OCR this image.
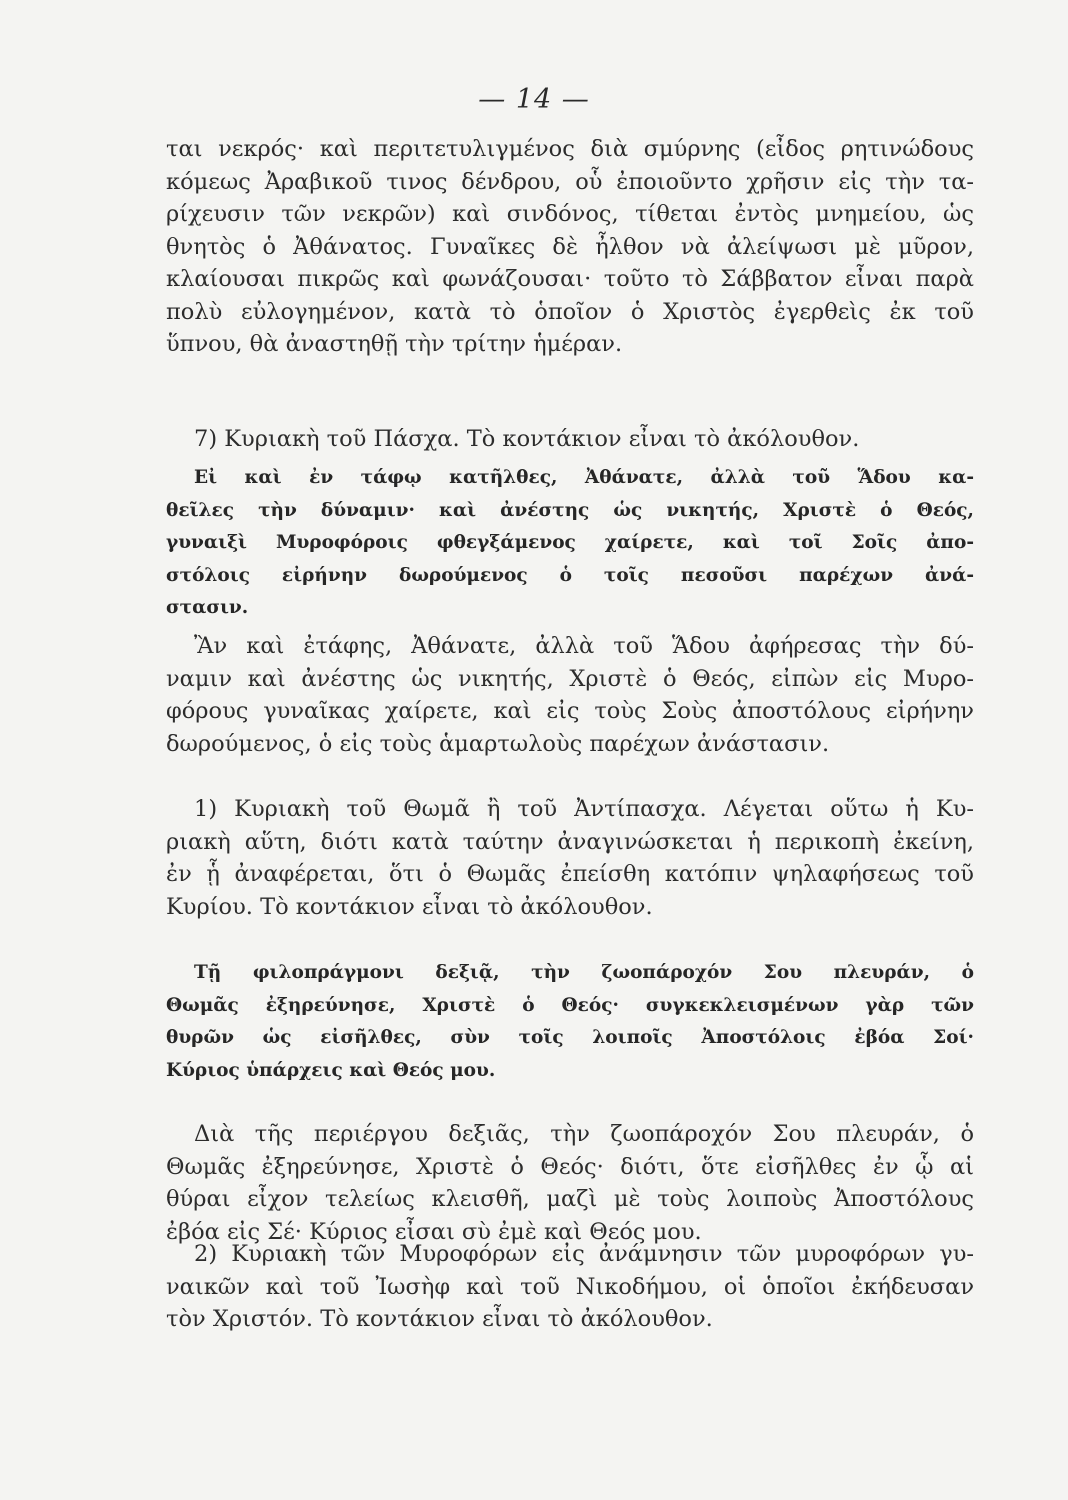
— 14 —
ται νεκρός· καὶ περιτετυλιγμένος διὰ σμύρνης (εἶδος ρητινώδους
κόμεως Ἀραβικοῦ τινος δένδρου, οὗ ἐποιοῦντο χρῆσιν εἰς τὴν τα-
ρίχευσιν τῶν νεκρῶν) καὶ σινδόνος, τίθεται ἐντὸς μνημείου, ὡς
θνητὸς ὁ Ἀθάνατος. Γυναῖκες δὲ ἦλθον νὰ ἀλείψωσι μὲ μῦρον,
κλαίουσαι πικρῶς καὶ φωνάζουσαι· τοῦτο τὸ Σάββατον εἶναι παρὰ
πολὺ εὐλογημένον, κατὰ τὸ ὁποῖον ὁ Χριστὸς ἐγερθεὶς ἐκ τοῦ
ὕπνου, θὰ ἀναστηθῇ τὴν τρίτην ἡμέραν.
7) Κυριακὴ τοῦ Πάσχα. Τὸ κοντάκιον εἶναι τὸ ἀκόλουθον.
Εἰ καὶ ἐν τάφῳ κατῆλθες, Ἀθάνατε, ἀλλὰ τοῦ Ἅδου κα-
θεῖλες τὴν δύναμιν· καὶ ἀνέστης ὡς νικητής, Χριστὲ ὁ Θεός,
γυναιξὶ Μυροφόροις φθεγξάμενος χαίρετε, καὶ τοῖ Σοῖς ἀπο-
στόλοις εἰρήνην δωρούμενος ὁ τοῖς πεσοῦσι παρέχων ἀνά-
στασιν.
Ἂν καὶ ἐτάφης, Ἀθάνατε, ἀλλὰ τοῦ Ἅδου ἀφήρεσας τὴν δύ-
ναμιν καὶ ἀνέστης ὡς νικητής, Χριστὲ ὁ Θεός, εἰπὼν εἰς Μυρο-
φόρους γυναῖκας χαίρετε, καὶ εἰς τοὺς Σοὺς ἀποστόλους εἰρήνην
δωρούμενος, ὁ εἰς τοὺς ἁμαρτωλοὺς παρέχων ἀνάστασιν.
1) Κυριακὴ τοῦ Θωμᾶ ἢ τοῦ Ἀντίπασχα. Λέγεται οὕτω ἡ Κυ-
ριακὴ αὕτη, διότι κατὰ ταύτην ἀναγινώσκεται ἡ περικοπὴ ἐκείνη,
ἐν ᾗ ἀναφέρεται, ὅτι ὁ Θωμᾶς ἐπείσθη κατόπιν ψηλαφήσεως τοῦ
Κυρίου. Τὸ κοντάκιον εἶναι τὸ ἀκόλουθον.
Τῇ φιλοπράγμονι δεξιᾷ, τὴν ζωοπάροχόν Σου πλευράν, ὁ
Θωμᾶς ἐξηρεύνησε, Χριστὲ ὁ Θεός· συγκεκλεισμένων γὰρ τῶν
θυρῶν ὡς εἰσῆλθες, σὺν τοῖς λοιποῖς Ἀποστόλοις ἐβόα Σοί·
Κύριος ὑπάρχεις καὶ Θεός μου.
Διὰ τῆς περιέργου δεξιᾶς, τὴν ζωοπάροχόν Σου πλευράν, ὁ
Θωμᾶς ἐξηρεύνησε, Χριστὲ ὁ Θεός· διότι, ὅτε εἰσῆλθες ἐν ᾧ αἱ
θύραι εἶχον τελείως κλεισθῆ, μαζὶ μὲ τοὺς λοιποὺς Ἀποστόλους
ἐβόα εἰς Σέ· Κύριος εἶσαι σὺ ἐμὲ καὶ Θεός μου.
2) Κυριακὴ τῶν Μυροφόρων εἰς ἀνάμνησιν τῶν μυροφόρων γυ-
ναικῶν καὶ τοῦ Ἰωσὴφ καὶ τοῦ Νικοδήμου, οἱ ὁποῖοι ἐκήδευσαν
τὸν Χριστόν. Τὸ κοντάκιον εἶναι τὸ ἀκόλουθον.
